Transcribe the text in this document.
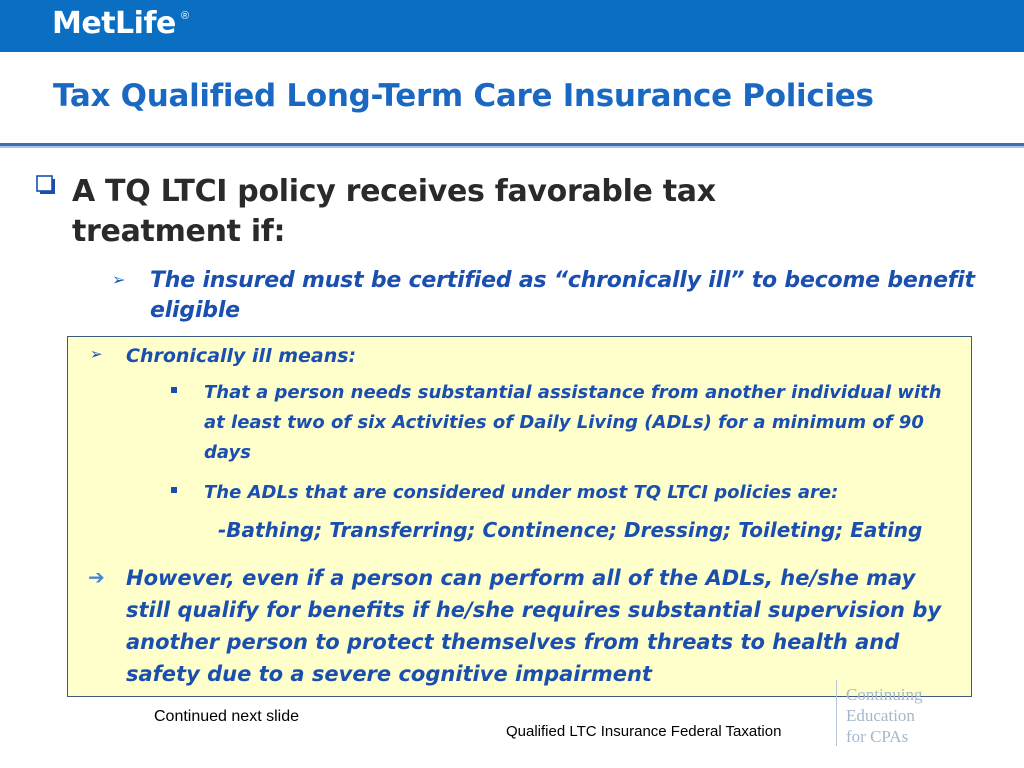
MetLife ®
Tax Qualified Long-Term Care Insurance Policies
A TQ LTCI policy receives favorable tax treatment if:
➢ The insured must be certified as “chronically ill” to become benefit eligible
➢ Chronically ill means:
That a person needs substantial assistance from another individual with at least two of six Activities of Daily Living (ADLs) for a minimum of 90 days
The ADLs that are considered under most TQ LTCI policies are:
-Bathing; Transferring; Continence; Dressing; Toileting; Eating
➔ However, even if a person can perform all of the ADLs, he/she may still qualify for benefits if he/she requires substantial supervision by another person to protect themselves from threats to health and safety due to a severe cognitive impairment
Continued next slide
Qualified LTC Insurance Federal Taxation
Continuing
Education
for CPAs
